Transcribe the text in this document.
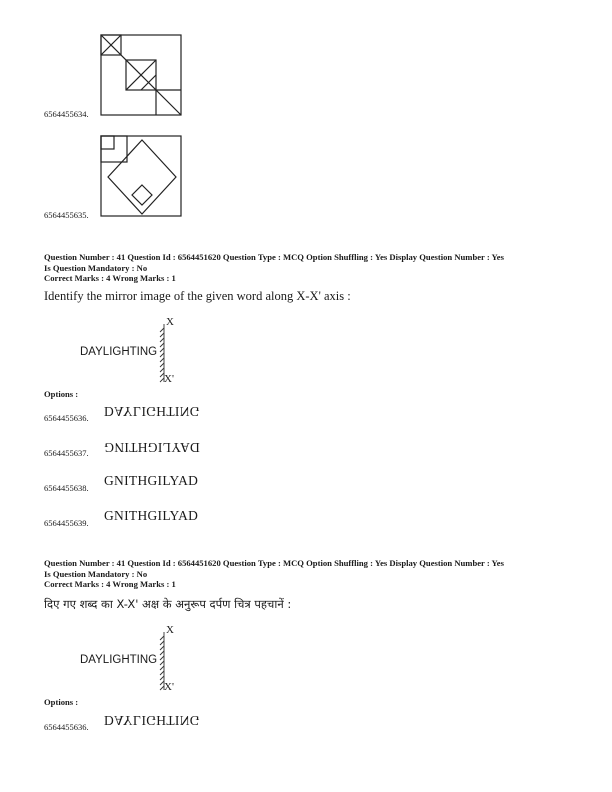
6564455634.
6564455635.
Question Number : 41 Question Id : 6564451620 Question Type : MCQ Option Shuffling : Yes Display Question Number : Yes
Is Question Mandatory : No
Correct Marks : 4 Wrong Marks : 1
Identify the mirror image of the given word along X-X' axis :
DAYLIGHTING
X
X'
Options :
6564455636. DAYLIGHTING
6564455637. DAYLIGHTING
6564455638. GNITHGILYAD
6564455639. GNITHGILYAD
Question Number : 41 Question Id : 6564451620 Question Type : MCQ Option Shuffling : Yes Display Question Number : Yes
Is Question Mandatory : No
Correct Marks : 4 Wrong Marks : 1
दिए गए शब्द का X-X' अक्ष के अनुरूप दर्पण चित्र पहचानें :
DAYLIGHTING
X
X'
Options :
6564455636. DAYLIGHTING
